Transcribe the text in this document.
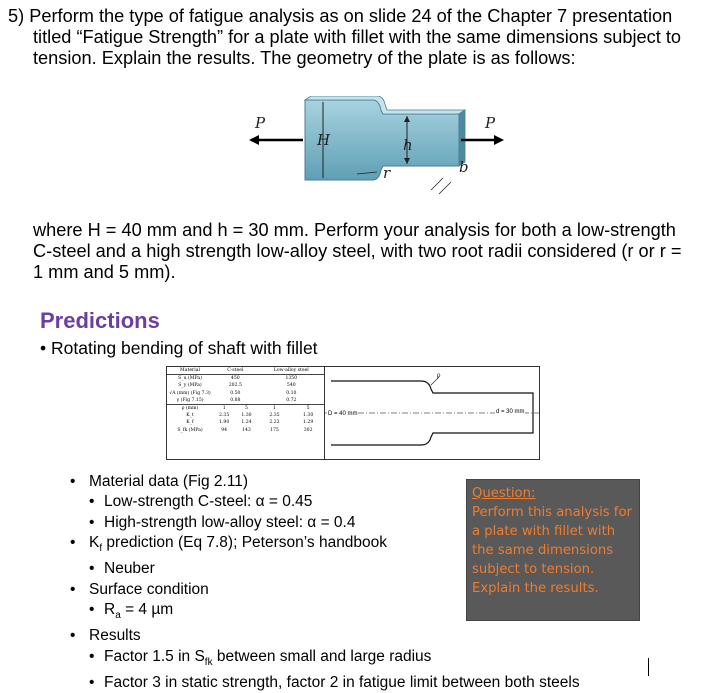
5) Perform the type of fatigue analysis as on slide 24 of the Chapter 7 presentation

titled “Fatigue Strength” for a plate with fillet with the same dimensions subject to

tension. Explain the results. The geometry of the plate is as follows:

P	P
H	h
r	b

where H = 40 mm and h = 30 mm. Perform your analysis for both a low-strength

C-steel and a high strength low-alloy steel, with two root radii considered (r or r =

1 mm and 5 mm).

Predictions
• Rotating bending of shaft with fillet
Material	C-steel		Low-alloy steel	
S_u (MPa)	450		1350	
S_y (MPa)	202.5		540	
√A (mm) (Fig 7.3)	0.50		0.10	
γ (Fig 7.15)	0.88		0.72	
ρ (mm)	1	5	1	5
K_t	2.35	1.30	2.35	1.30
K_f	1.90	1.24	2.23	1.29
S_fk (MPa)	94	143	175	302
ρ
D = 40 mm	d = 30 mm
• Material data (Fig 2.11)
• Low-strength C-steel: α = 0.45
• High-strength low-alloy steel: α = 0.4
• $K_f$ prediction (Eq 7.8); Peterson’s handbook
• Neuber
• Surface condition
• $R_a = 4$ µm
• Results
• Factor 1.5 in $S_{fk}$ between small and large radius
• Factor 3 in static strength, factor 2 in fatigue limit between both steels
Question:
Perform this analysis for a plate with fillet with the same dimensions subject to tension. Explain the results.
